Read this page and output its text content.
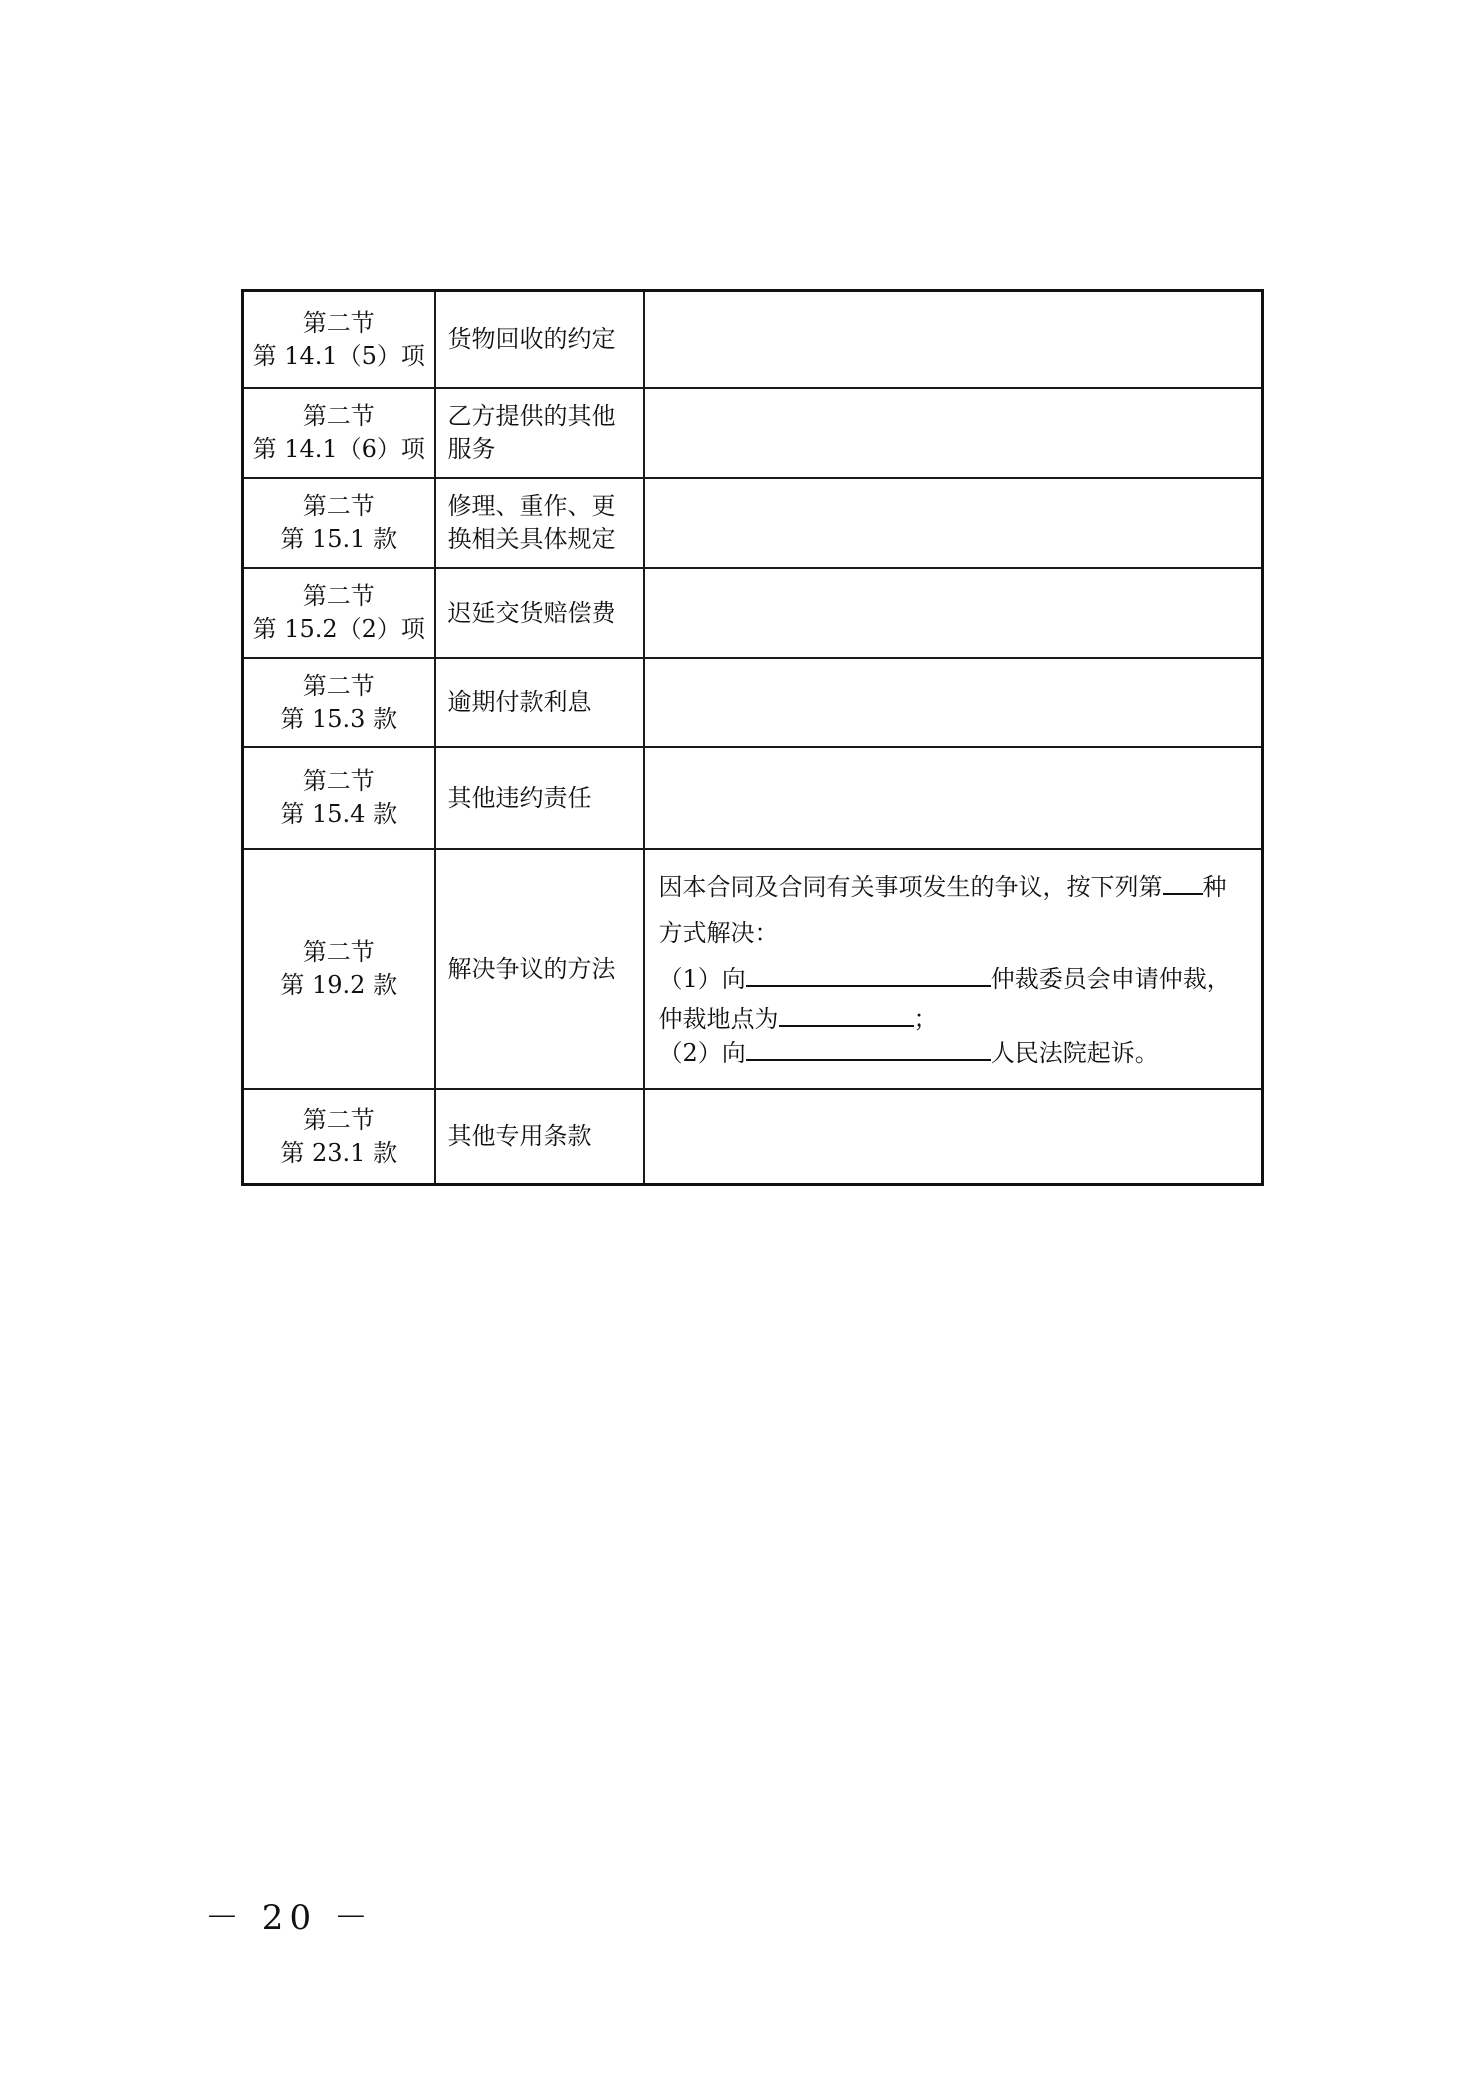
第二节
第 14.1（5）项	货物回收的约定	

第二节
第 14.1（6）项	乙方提供的其他服务	

第二节
第 15.1 款	修理、重作、更换相关具体规定	

第二节
第 15.2（2）项	迟延交货赔偿费	

第二节
第 15.3 款	逾期付款利息	

第二节
第 15.4 款	其他违约责任	

第二节
第 19.2 款	解决争议的方法	因本合同及合同有关事项发生的争议，按下列第 种
方式解决：
（1）向 仲裁委员会申请仲裁，
仲裁地点为 ；
（2）向 人民法院起诉。

第二节
第 23.1 款	其他专用条款	
－ 20 －
